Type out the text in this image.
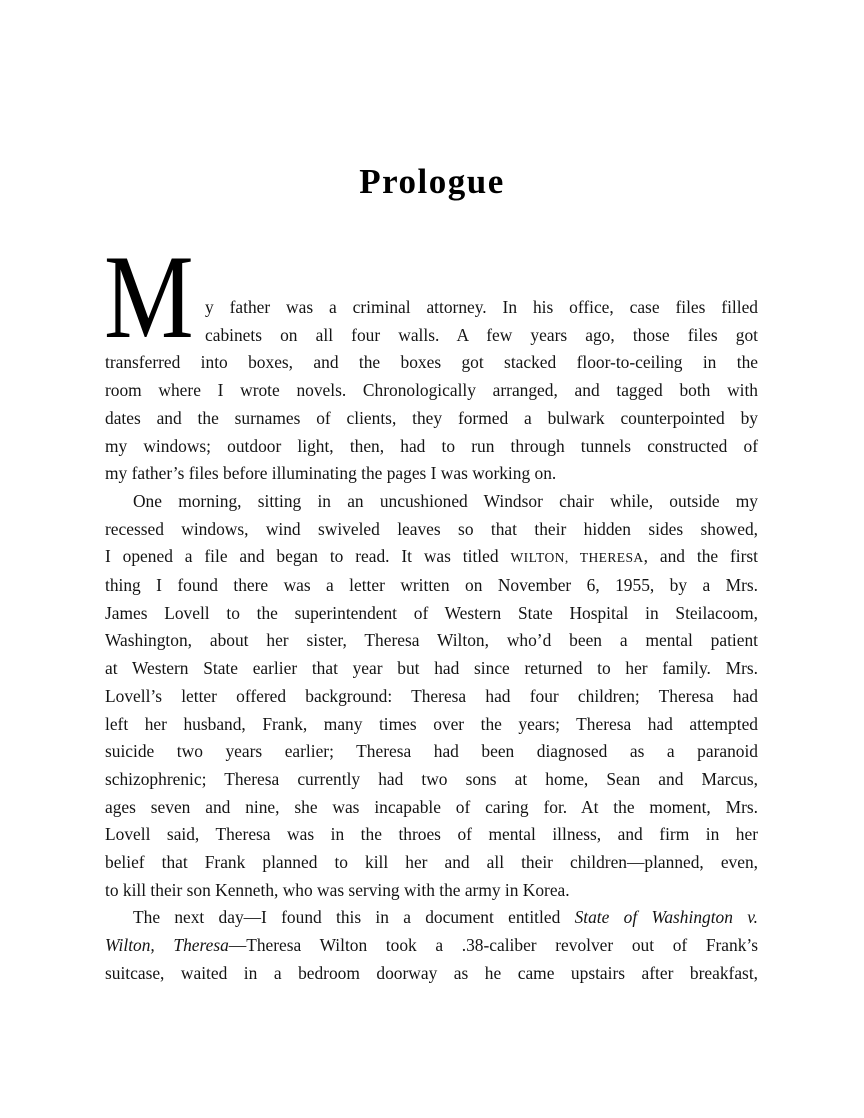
Prologue
M y father was a criminal attorney. In his office, case files filled
cabinets on all four walls. A few years ago, those files got
transferred into boxes, and the boxes got stacked floor-to-ceiling in the
room where I wrote novels. Chronologically arranged, and tagged both with
dates and the surnames of clients, they formed a bulwark counterpointed by
my windows; outdoor light, then, had to run through tunnels constructed of
my father’s files before illuminating the pages I was working on.
One morning, sitting in an uncushioned Windsor chair while, outside my
recessed windows, wind swiveled leaves so that their hidden sides showed,
I opened a file and began to read. It was titled WILTON, THERESA, and the first
thing I found there was a letter written on November 6, 1955, by a Mrs.
James Lovell to the superintendent of Western State Hospital in Steilacoom,
Washington, about her sister, Theresa Wilton, who’d been a mental patient
at Western State earlier that year but had since returned to her family. Mrs.
Lovell’s letter offered background: Theresa had four children; Theresa had
left her husband, Frank, many times over the years; Theresa had attempted
suicide two years earlier; Theresa had been diagnosed as a paranoid
schizophrenic; Theresa currently had two sons at home, Sean and Marcus,
ages seven and nine, she was incapable of caring for. At the moment, Mrs.
Lovell said, Theresa was in the throes of mental illness, and firm in her
belief that Frank planned to kill her and all their children—planned, even,
to kill their son Kenneth, who was serving with the army in Korea.
The next day—I found this in a document entitled State of Washington v.
Wilton, Theresa—Theresa Wilton took a .38-caliber revolver out of Frank’s
suitcase, waited in a bedroom doorway as he came upstairs after breakfast,
